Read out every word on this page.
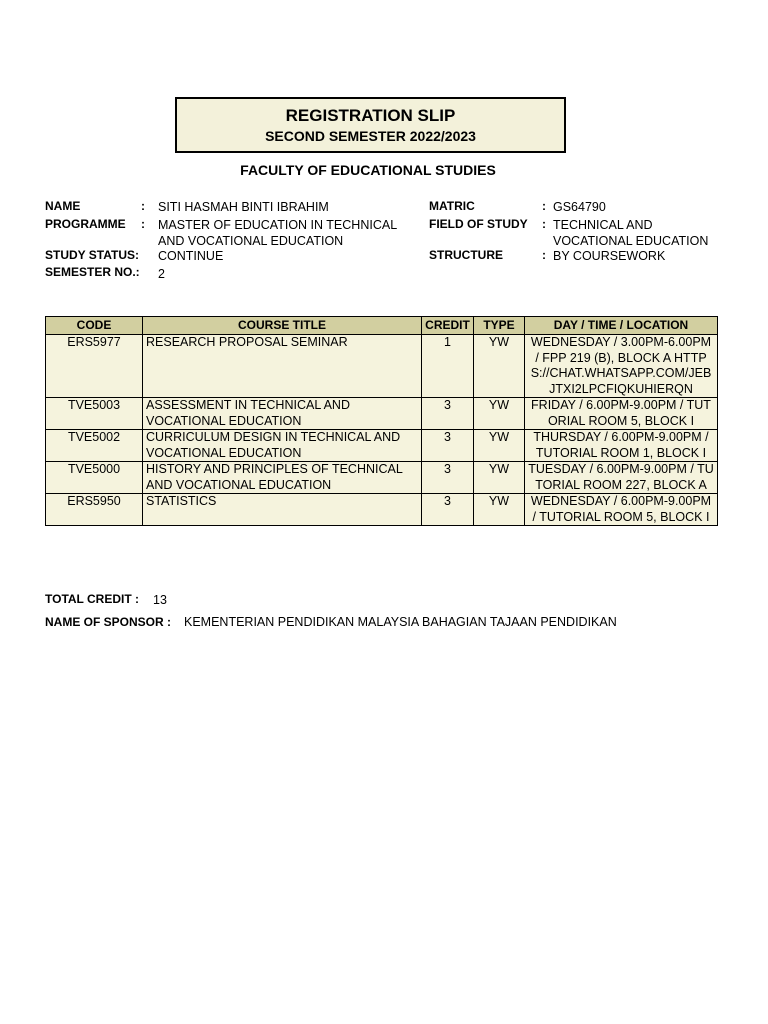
REGISTRATION SLIP
SECOND SEMESTER 2022/2023
FACULTY OF EDUCATIONAL STUDIES
NAME	: SITI HASMAH BINTI IBRAHIM
PROGRAMME : MASTER OF EDUCATION IN TECHNICAL
AND VOCATIONAL EDUCATION
STUDY STATUS: CONTINUE
SEMESTER NO.: 2
MATRIC	: GS64790
FIELD OF STUDY : TECHNICAL AND
VOCATIONAL EDUCATION
STRUCTURE	: BY COURSEWORK
CODE	COURSE TITLE	CREDIT	TYPE	DAY / TIME / LOCATION
ERS5977	RESEARCH PROPOSAL SEMINAR	1	YW	WEDNESDAY / 3.00PM-6.00PM / FPP 219 (B), BLOCK A HTTPS://CHAT.WHATSAPP.COM/JEBJTXI2LPCFIQKUHIERQN
TVE5003	ASSESSMENT IN TECHNICAL AND VOCATIONAL EDUCATION	3	YW	FRIDAY / 6.00PM-9.00PM / TUTORIAL ROOM 5, BLOCK I
TVE5002	CURRICULUM DESIGN IN TECHNICAL AND VOCATIONAL EDUCATION	3	YW	THURSDAY / 6.00PM-9.00PM / TUTORIAL ROOM 1, BLOCK I
TVE5000	HISTORY AND PRINCIPLES OF TECHNICAL AND VOCATIONAL EDUCATION	3	YW	TUESDAY / 6.00PM-9.00PM / TUTORIAL ROOM 227, BLOCK A
ERS5950	STATISTICS	3	YW	WEDNESDAY / 6.00PM-9.00PM / TUTORIAL ROOM 5, BLOCK I
TOTAL CREDIT : 13
NAME OF SPONSOR : KEMENTERIAN PENDIDIKAN MALAYSIA BAHAGIAN TAJAAN PENDIDIKAN
